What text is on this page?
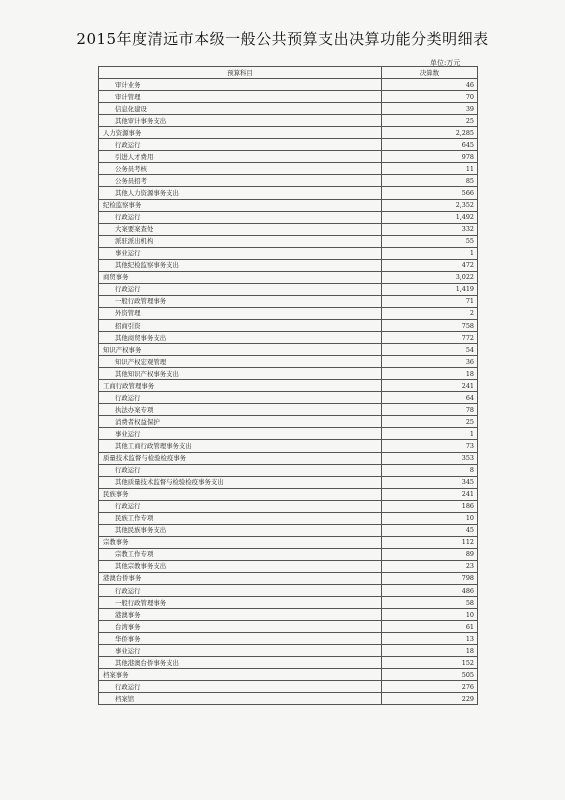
2015年度清远市本级一般公共预算支出决算功能分类明细表
单位:万元
预算科目	决算数
审计业务	46
审计管理	70
信息化建设	39
其他审计事务支出	25
人力资源事务	2,285
行政运行	645
引进人才费用	978
公务员考核	11
公务员招考	85
其他人力资源事务支出	566
纪检监察事务	2,352
行政运行	1,492
大案要案查处	332
派驻派出机构	55
事业运行	1
其他纪检监察事务支出	472
商贸事务	3,022
行政运行	1,419
一般行政管理事务	71
外资管理	2
招商引资	758
其他商贸事务支出	772
知识产权事务	54
知识产权宏观管理	36
其他知识产权事务支出	18
工商行政管理事务	241
行政运行	64
执法办案专项	78
消费者权益保护	25
事业运行	1
其他工商行政管理事务支出	73
质量技术监督与检验检疫事务	353
行政运行	8
其他质量技术监督与检验检疫事务支出	345
民族事务	241
行政运行	186
民族工作专项	10
其他民族事务支出	45
宗教事务	112
宗教工作专项	89
其他宗教事务支出	23
港澳台侨事务	798
行政运行	486
一般行政管理事务	58
港澳事务	10
台湾事务	61
华侨事务	13
事业运行	18
其他港澳台侨事务支出	152
档案事务	505
行政运行	276
档案馆	229
